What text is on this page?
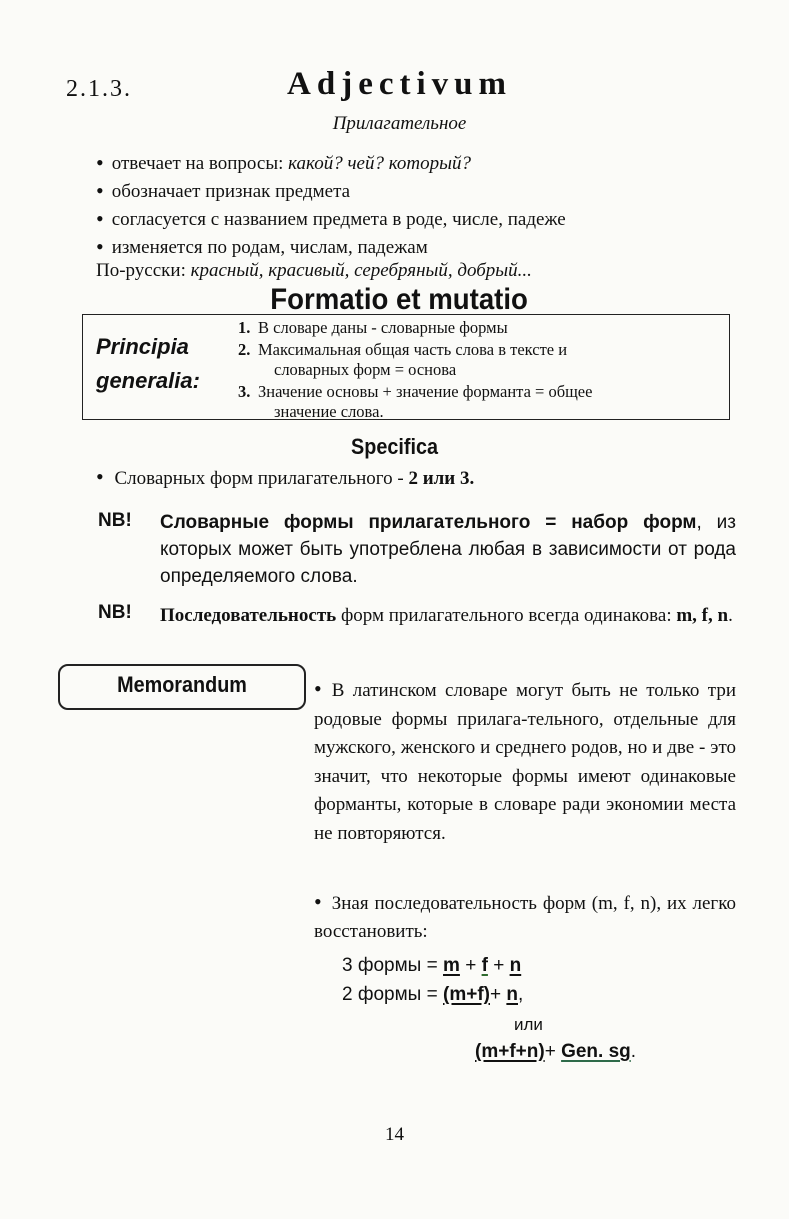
2.1.3.	Adjectivum
Прилагательное
• отвечает на вопросы: какой? чей? который?
• обозначает признак предмета
• согласуется с названием предмета в роде, числе, падеже
• изменяется по родам, числам, падежам
По-русски: красный, красивый, серебряный, добрый...
Formatio et mutatio
Principia
generalia:
1. В словаре даны - словарные формы
2. Максимальная общая часть слова в тексте и
словарных форм = основа
3. Значение основы + значение форманта = общее
значение слова.
Specifica
• Словарных форм прилагательного - 2 или 3.
NB! Словарные формы прилагательного = набор форм, из которых может быть употреблена любая в зависимости от рода определяемого слова.
NB! Последовательность форм прилагательного всегда одинакова: m, f, n.
Memorandum	• В латинском словаре могут быть не только три родовые формы прилага-тельного, отдельные для мужского, женского и среднего родов, но и две - это значит, что некоторые формы имеют одинаковые форманты, которые в словаре ради экономии места не повторяются.
• Зная последовательность форм (m, f, n), их легко восстановить:
3 формы = m + f + n
2 формы = (m+f)+ n,
или
(m+f+n)+ Gen. sg.
14
